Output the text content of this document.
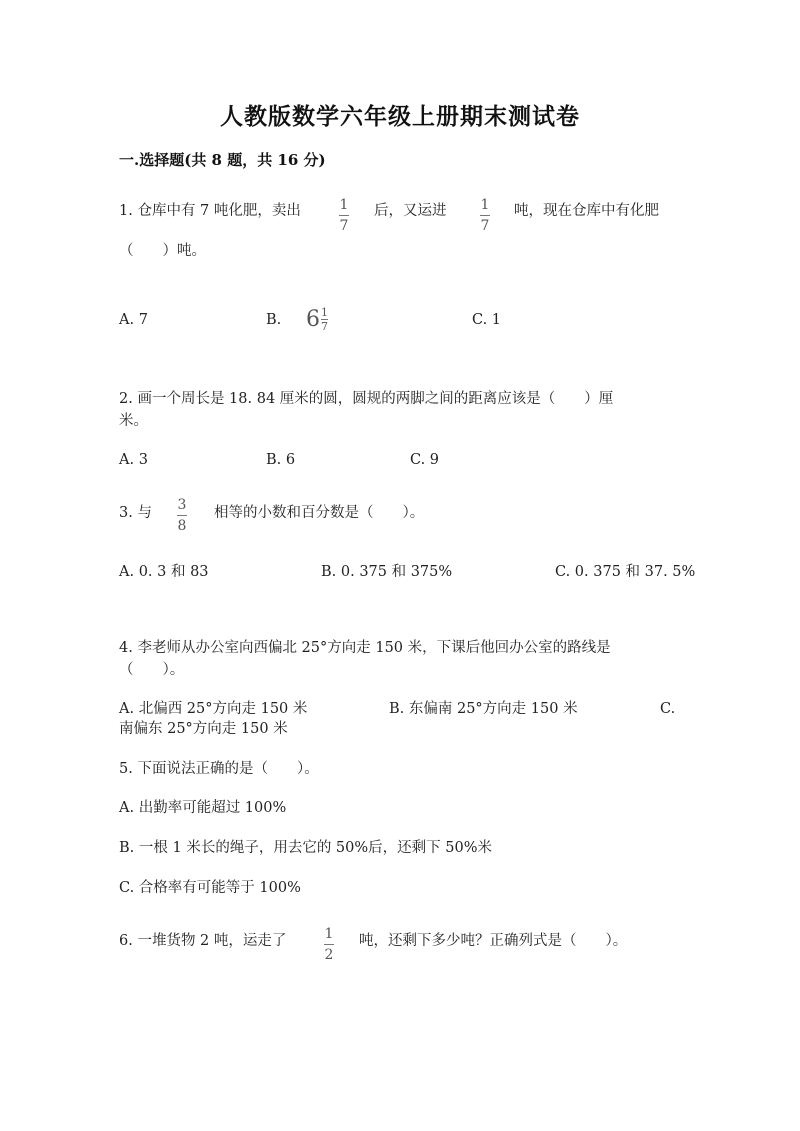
人教版数学六年级上册期末测试卷
一.选择题(共 8 题，共 16 分)
1. 仓库中有 7 吨化肥，卖出	1
7
后，又运进 1
7
吨，现在仓库中有化肥
（　　）吨。
A. 7	B. $6 \frac{1}{7}$	C. 1
2. 画一个周长是 18. 84 厘米的圆，圆规的两脚之间的距离应该是（　　）厘
米。
A. 3	B. 6	C. 9
3. 与 3
8
相等的小数和百分数是（　　）。
A. 0. 3 和 83	B. 0. 375 和 375%	C. 0. 375 和 37. 5%
4. 李老师从办公室向西偏北 25°方向走 150 米，下课后他回办公室的路线是
（　　）。
A. 北偏西 25°方向走 150 米	B. 东偏南 25°方向走 150 米	C.
南偏东 25°方向走 150 米
5. 下面说法正确的是（　　）。
A. 出勤率可能超过 100%
B. 一根 1 米长的绳子，用去它的 50%后，还剩下 50%米
C. 合格率有可能等于 100%
6. 一堆货物 2 吨，运走了	1
2
吨，还剩下多少吨？正确列式是（　　）。
